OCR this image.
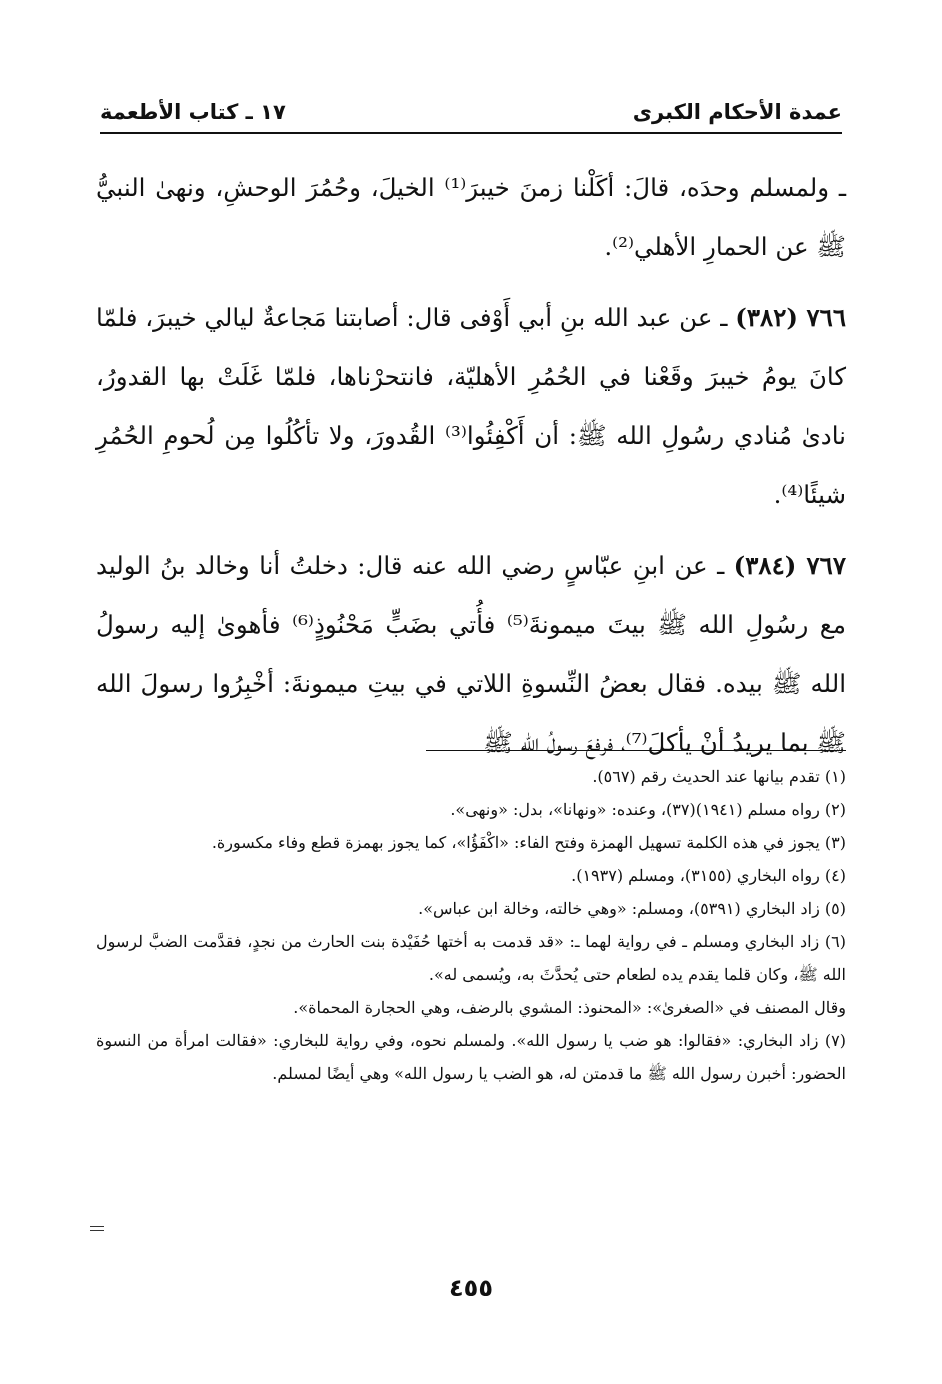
عمدة الأحكام الكبرى
١٧ ـ كتاب الأطعمة

ـ ولمسلم وحدَه، قالَ: أكَلْنا زمنَ خيبرَ⁽¹⁾ الخيلَ، وحُمُرَ الوحشِ، ونهىٰ النبيُّ ﷺ عن الحمارِ الأهلي⁽²⁾.

٧٦٦ (٣٨٢) ـ عن عبد الله بنِ أبي أَوْفى قال: أصابتنا مَجاعةٌ ليالي خيبرَ، فلمّا كانَ يومُ خيبرَ وقَعْنا في الحُمُرِ الأهليّة، فانتحرْناها، فلمّا غَلَتْ بها القدورُ، نادىٰ مُنادي رسُولِ الله ﷺ: أن أَكْفِئُوا⁽³⁾ القُدورَ، ولا تأكُلُوا مِن لُحومِ الحُمُرِ شيئًا⁽⁴⁾.

٧٦٧ (٣٨٤) ـ عن ابنِ عبّاسٍ رضي الله عنه قال: دخلتُ أنا وخالد بنُ الوليد مع رسُولِ الله ﷺ بيتَ ميمونةَ⁽⁵⁾ فأُتي بضَبٍّ مَحْنُوذٍ⁽⁶⁾ فأهوىٰ إليه رسولُ الله ﷺ بيده. فقال بعضُ النِّسوةِ اللاتي في بيتِ ميمونةَ: أخْبِرُوا رسولَ الله ﷺ بما يريدُ أنْ يأكلَ⁽⁷⁾، فرفعَ رسولُ الله ﷺ

(١) تقدم بيانها عند الحديث رقم (٥٦٧).

(٢) رواه مسلم (١٩٤١)(٣٧)، وعنده: «ونهانا»، بدل: «ونهى».

(٣) يجوز في هذه الكلمة تسهيل الهمزة وفتح الفاء: «اكْفَؤُا»، كما يجوز بهمزة قطع وفاء مكسورة.

(٤) رواه البخاري (٣١٥٥)، ومسلم (١٩٣٧).

(٥) زاد البخاري (٥٣٩١)، ومسلم: «وهي خالته، وخالة ابن عباس».

(٦) زاد البخاري ومسلم ـ في رواية لهما ـ: «قد قدمت به أختها حُفَيْدة بنت الحارث من نجدٍ، فقدَّمت الضبَّ لرسول الله ﷺ، وكان قلما يقدم يده لطعام حتى يُحدَّثَ به، ويُسمى له».

وقال المصنف في «الصغرىٰ»: «المحنوذ: المشوي بالرضف، وهي الحجارة المحماة».

(٧) زاد البخاري: «فقالوا: هو ضب يا رسول الله». ولمسلم نحوه، وفي رواية للبخاري: «فقالت امرأة من النسوة الحضور: أخبرن رسول الله ﷺ ما قدمتن له، هو الضب يا رسول الله» وهي أيضًا لمسلم.

٤٥٥
